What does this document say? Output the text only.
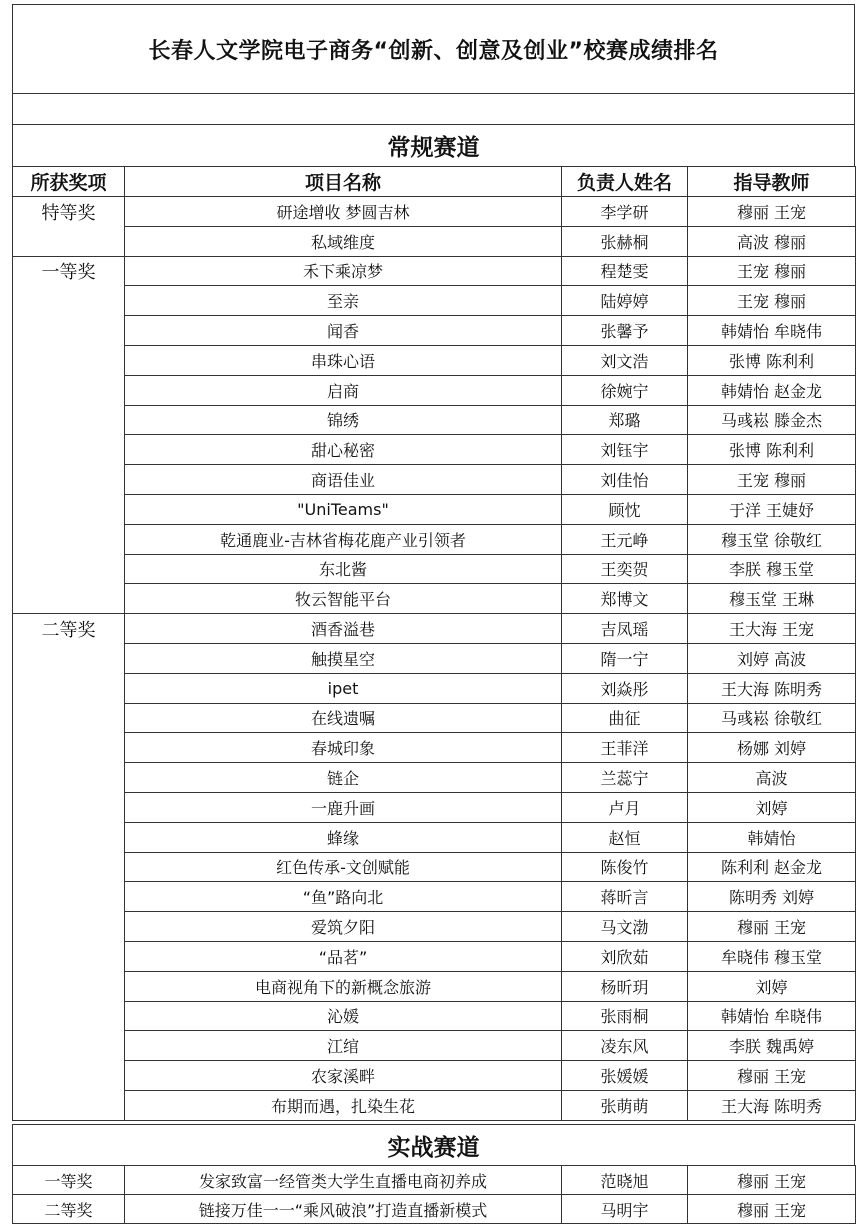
长春人文学院电子商务“创新、创意及创业”校赛成绩排名
常规赛道
所获奖项	项目名称	负责人姓名	指导教师
特等奖	研途增收 梦圆吉林	李学研	穆丽 王宠
	私域维度	张赫桐	高波 穆丽
一等奖	禾下乘凉梦	程楚雯	王宠 穆丽
	至亲	陆婷婷	王宠 穆丽
	闻香	张馨予	韩婧怡 牟晓伟
	串珠心语	刘文浩	张博 陈利利
	启商	徐婉宁	韩婧怡 赵金龙
	锦绣	郑璐	马彧崧 滕金杰
	甜心秘密	刘钰宇	张博 陈利利
	商语佳业	刘佳怡	王宠 穆丽
	"UniTeams"	顾忱	于洋 王婕妤
	乾通鹿业-吉林省梅花鹿产业引领者	王元峥	穆玉堂 徐敬红
	东北酱	王奕贺	李朕 穆玉堂
	牧云智能平台	郑博文	穆玉堂 王琳
二等奖	酒香溢巷	吉凤瑶	王大海 王宠
	触摸星空	隋一宁	刘婷 高波
	ipet	刘焱彤	王大海 陈明秀
	在线遗嘱	曲征	马彧崧 徐敬红
	春城印象	王菲洋	杨娜 刘婷
	链企	兰蕊宁	高波
	一鹿升画	卢月	刘婷
	蜂缘	赵恒	韩婧怡
	红色传承-文创赋能	陈俊竹	陈利利 赵金龙
	“鱼”路向北	蒋昕言	陈明秀 刘婷
	爱筑夕阳	马文渤	穆丽 王宠
	“品茗”	刘欣茹	牟晓伟 穆玉堂
	电商视角下的新概念旅游	杨昕玥	刘婷
	沁媛	张雨桐	韩婧怡 牟晓伟
	江绾	凌东风	李朕 魏禹婷
	农家溪畔	张媛媛	穆丽 王宠
	布期而遇，扎染生花	张萌萌	王大海 陈明秀
实战赛道
一等奖	发家致富一经管类大学生直播电商初养成	范晓旭	穆丽 王宠
二等奖	链接万佳一一“乘风破浪”打造直播新模式	马明宇	穆丽 王宠
